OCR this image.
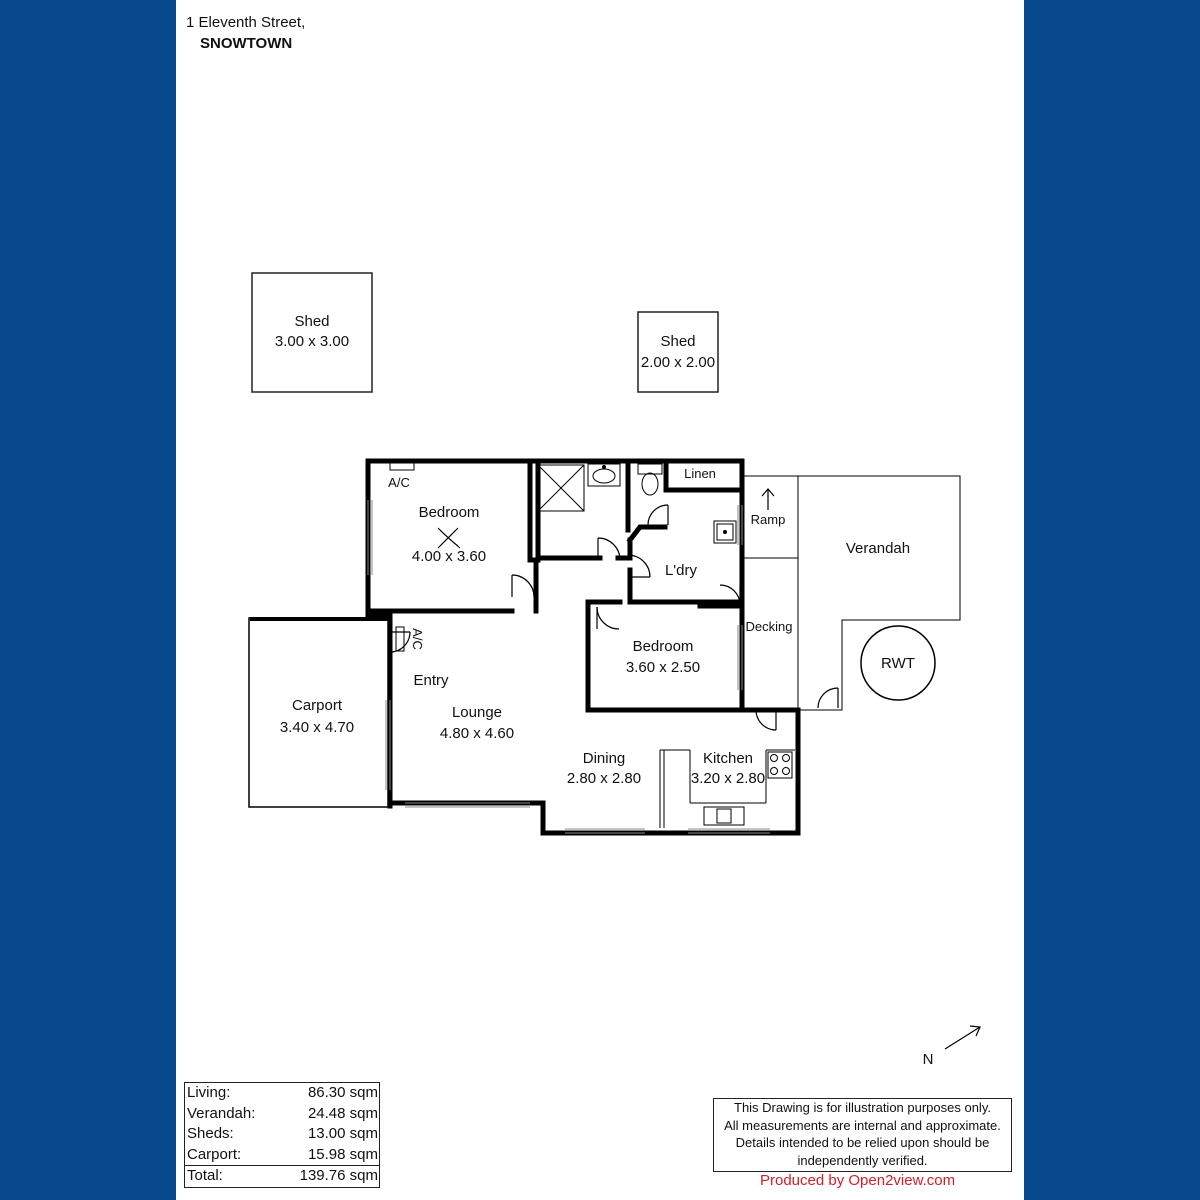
1 Eleventh Street,
SNOWTOWN
Shed
3.00 x 3.00	Shed
2.00 x 2.00
A/C
A/C
Bedroom
4.00 x 3.60
Linen
Ramp
L'dry
Verandah
Decking
RWT
Bedroom
3.60 x 2.50
Carport
3.40 x 4.70
Entry
Lounge
4.80 x 4.60
Dining
2.80 x 2.80
Kitchen
3.20 x 2.80
N
Living:	86.30 sqm
Verandah:	24.48 sqm
Sheds:	13.00 sqm
Carport:	15.98 sqm
Total:	139.76 sqm
This Drawing is for illustration purposes only.
All measurements are internal and approximate.
Details intended to be relied upon should be
independently verified.
Produced by Open2view.com
